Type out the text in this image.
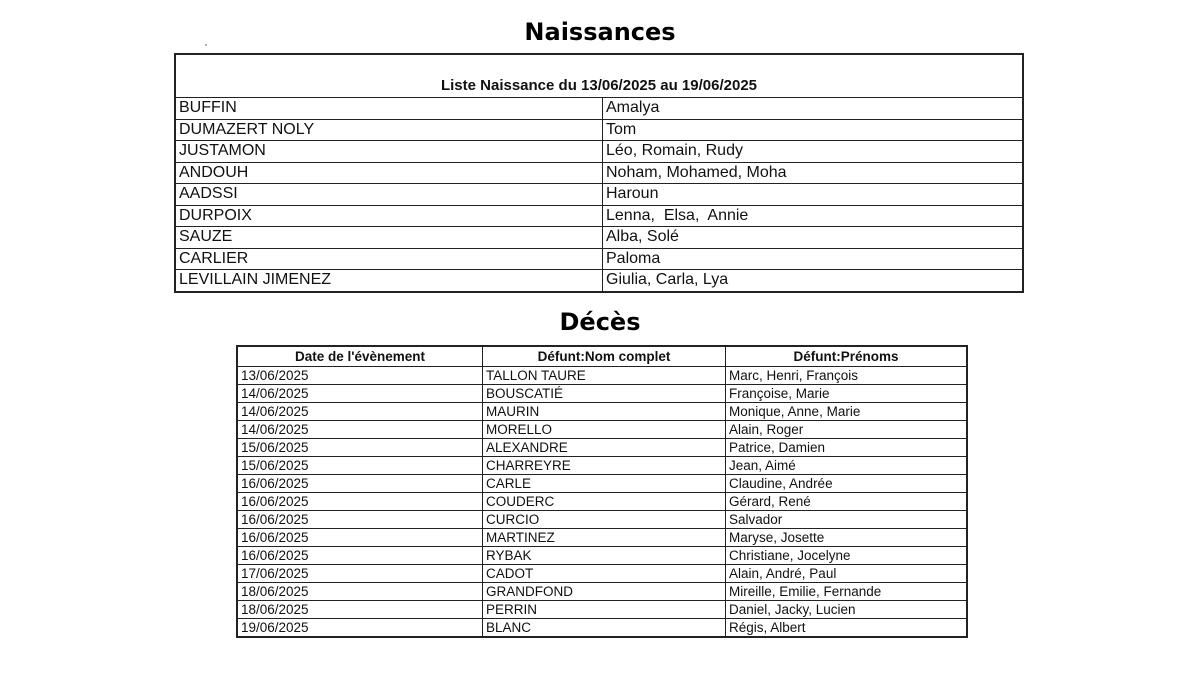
Naissances
Liste Naissance du 13/06/2025 au 19/06/2025	
BUFFIN	Amalya
DUMAZERT NOLY	Tom
JUSTAMON	Léo, Romain, Rudy
ANDOUH	Noham, Mohamed, Moha
AADSSI	Haroun
DURPOIX	Lenna,  Elsa,  Annie
SAUZE	Alba, Solé
CARLIER	Paloma
LEVILLAIN JIMENEZ	Giulia, Carla, Lya
Décès
Date de l'évènement	Défunt:Nom complet	Défunt:Prénoms
13/06/2025	TALLON TAURE	Marc, Henri, François
14/06/2025	BOUSCATIÉ	Françoise, Marie
14/06/2025	MAURIN	Monique, Anne, Marie
14/06/2025	MORELLO	Alain, Roger
15/06/2025	ALEXANDRE	Patrice, Damien
15/06/2025	CHARREYRE	Jean, Aimé
16/06/2025	CARLE	Claudine, Andrée
16/06/2025	COUDERC	Gérard, René
16/06/2025	CURCIO	Salvador
16/06/2025	MARTINEZ	Maryse, Josette
16/06/2025	RYBAK	Christiane, Jocelyne
17/06/2025	CADOT	Alain, André, Paul
18/06/2025	GRANDFOND	Mireille, Emilie, Fernande
18/06/2025	PERRIN	Daniel, Jacky, Lucien
19/06/2025	BLANC	Régis, Albert
